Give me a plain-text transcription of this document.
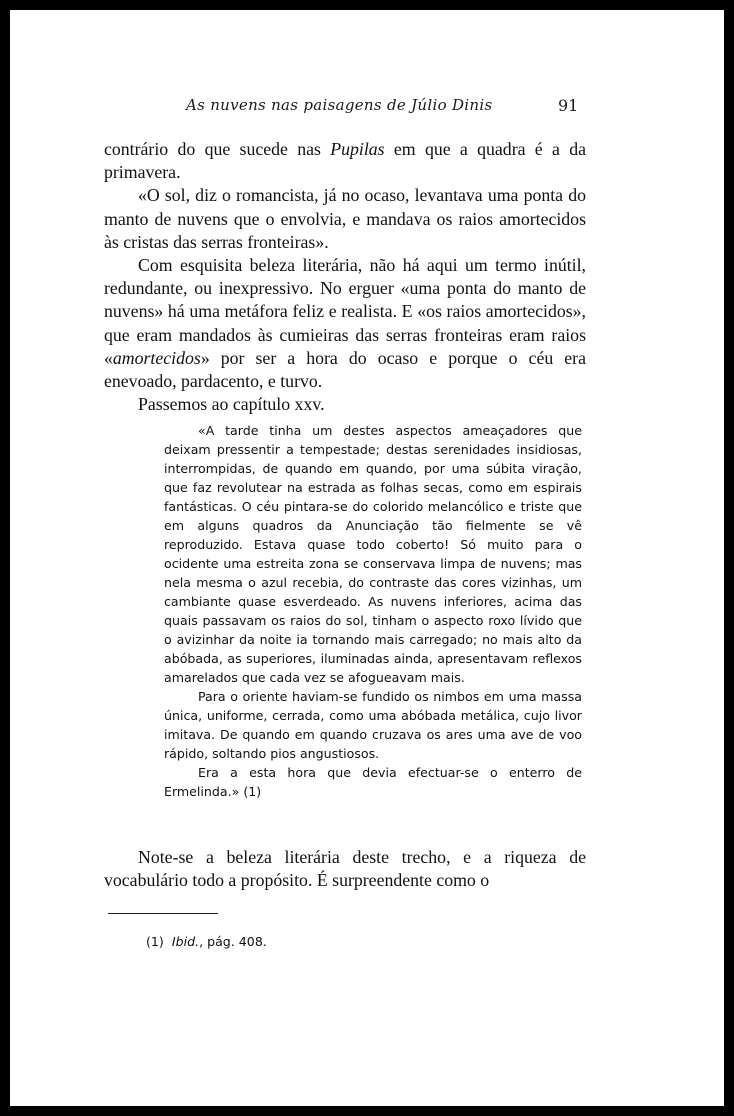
As nuvens nas paisagens de Júlio Dinis	91

contrário do que sucede nas Pupilas em que a quadra é a da primavera.

«O sol, diz o romancista, já no ocaso, levantava uma ponta do manto de nuvens que o envolvia, e mandava os raios amortecidos às cristas das serras fronteiras».

Com esquisita beleza literária, não há aqui um termo inútil, redundante, ou inexpressivo. No erguer «uma ponta do manto de nuvens» há uma metáfora feliz e realista. E «os raios amortecidos», que eram mandados às cumieiras das serras fronteiras eram raios «amortecidos» por ser a hora do ocaso e porque o céu era enevoado, pardacento, e turvo.

Passemos ao capítulo xxv.

«A tarde tinha um destes aspectos ameaçadores que deixam pressentir a tempestade; destas serenidades insidiosas, interrompidas, de quando em quando, por uma súbita viração, que faz revolutear na estrada as folhas secas, como em espirais fantásticas. O céu pintara-se do colorido melancólico e triste que em alguns quadros da Anunciação tão fielmente se vê reproduzido. Estava quase todo coberto! Só muito para o ocidente uma estreita zona se conservava limpa de nuvens; mas nela mesma o azul recebia, do contraste das cores vizinhas, um cambiante quase esverdeado. As nuvens inferiores, acima das quais passavam os raios do sol, tinham o aspecto roxo lívido que o avizinhar da noite ia tornando mais carregado; no mais alto da abóbada, as superiores, iluminadas ainda, apresentavam reflexos amarelados que cada vez se afogueavam mais.

Para o oriente haviam-se fundido os nimbos em uma massa única, uniforme, cerrada, como uma abóbada metálica, cujo livor imitava. De quando em quando cruzava os ares uma ave de voo rápido, soltando pios angustiosos.

Era a esta hora que devia efectuar-se o enterro de Ermelinda.» (1)

Note-se a beleza literária deste trecho, e a riqueza de vocabulário todo a propósito. É surpreendente como o

(1) Ibid., pág. 408.
